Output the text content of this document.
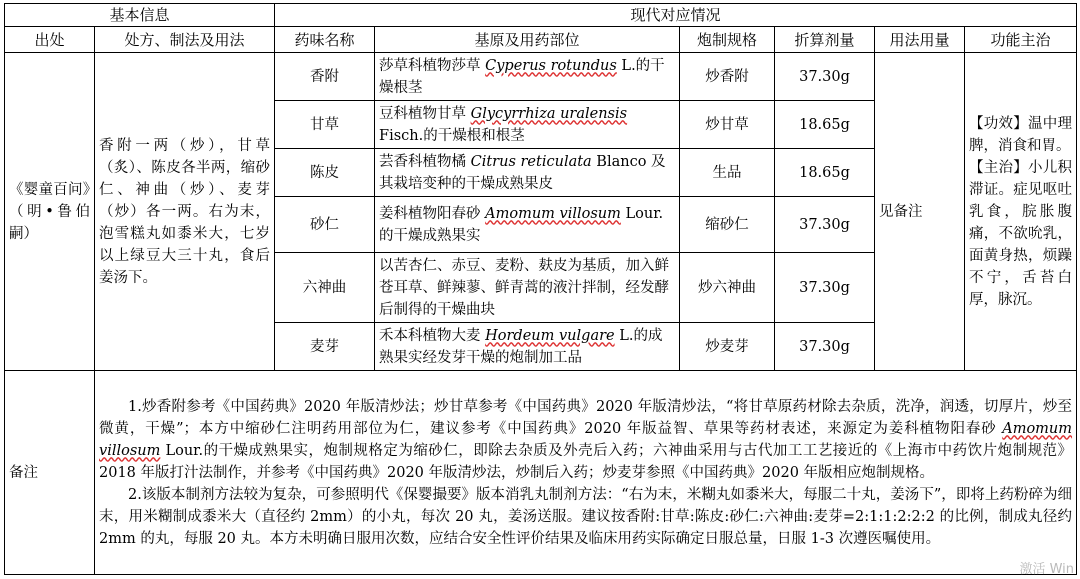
基本信息		现代对应情况					
出处	处方、制法及用法	药味名称	基原及用药部位	炮制规格	折算剂量	用法用量	功能主治
《婴童百问》（明•鲁伯嗣）	香附一两（炒），甘草（炙）、陈皮各半两，缩砂仁、神曲（炒）、麦芽（炒）各一两。右为末，泡雪糕丸如黍米大，七岁以上绿豆大三十丸，食后姜汤下。	香附	莎草科植物莎草 Cyperus rotundus L.的干燥根茎	炒香附	37.30g	见备注	【功效】温中理脾，消食和胃。
【主治】小儿积滞证。症见呕吐乳食，脘胀腹痛，不欲吮乳，面黄身热，烦躁不宁，舌苔白厚，脉沉。

		甘草	豆科植物甘草 Glycyrrhiza uralensis Fisch.的干燥根和根茎	炒甘草	18.65g		
		陈皮	芸香科植物橘 Citrus reticulata Blanco 及其栽培变种的干燥成熟果皮	生品	18.65g		
		砂仁	姜科植物阳春砂 Amomum villosum Lour.的干燥成熟果实	缩砂仁	37.30g		
		六神曲	以苦杏仁、赤豆、麦粉、麸皮为基质，加入鲜苍耳草、鲜辣蓼、鲜青蒿的液汁拌制，经发酵后制得的干燥曲块	炒六神曲	37.30g		
		麦芽	禾本科植物大麦 Hordeum vulgare L.的成熟果实经发芽干燥的炮制加工品	炒麦芽	37.30g		
备注	1.炒香附参考《中国药典》2020 年版清炒法；炒甘草参考《中国药典》2020 年版清炒法，“将甘草原药材除去杂质，洗净，润透，切厚片，炒至微黄，干燥”；本方中缩砂仁注明药用部位为仁，建议参考《中国药典》2020 年版益智、草果等药材表述，来源定为姜科植物阳春砂 Amomum villosum Lour.的干燥成熟果实，炮制规格定为缩砂仁，即除去杂质及外壳后入药；六神曲采用与古代加工工艺接近的《上海市中药饮片炮制规范》2018 年版打汁法制作，并参考《中国药典》2020 年版清炒法，炒制后入药；炒麦芽参照《中国药典》2020 年版相应炮制规格。

2.该版本制剂方法较为复杂，可参照明代《保婴撮要》版本消乳丸制剂方法：“右为末，米糊丸如黍米大，每服二十丸，姜汤下”，即将上药粉碎为细末，用米糊制成黍米大（直径约 2mm）的小丸，每次 20 丸，姜汤送服。建议按香附:甘草:陈皮:砂仁:六神曲:麦芽=2:1:1:2:2:2 的比例，制成丸径约 2mm 的丸，每服 20 丸。本方未明确日服用次数，应结合安全性评价结果及临床用药实际确定日服总量，日服 1-3 次遵医嘱使用。						

激活 Win
